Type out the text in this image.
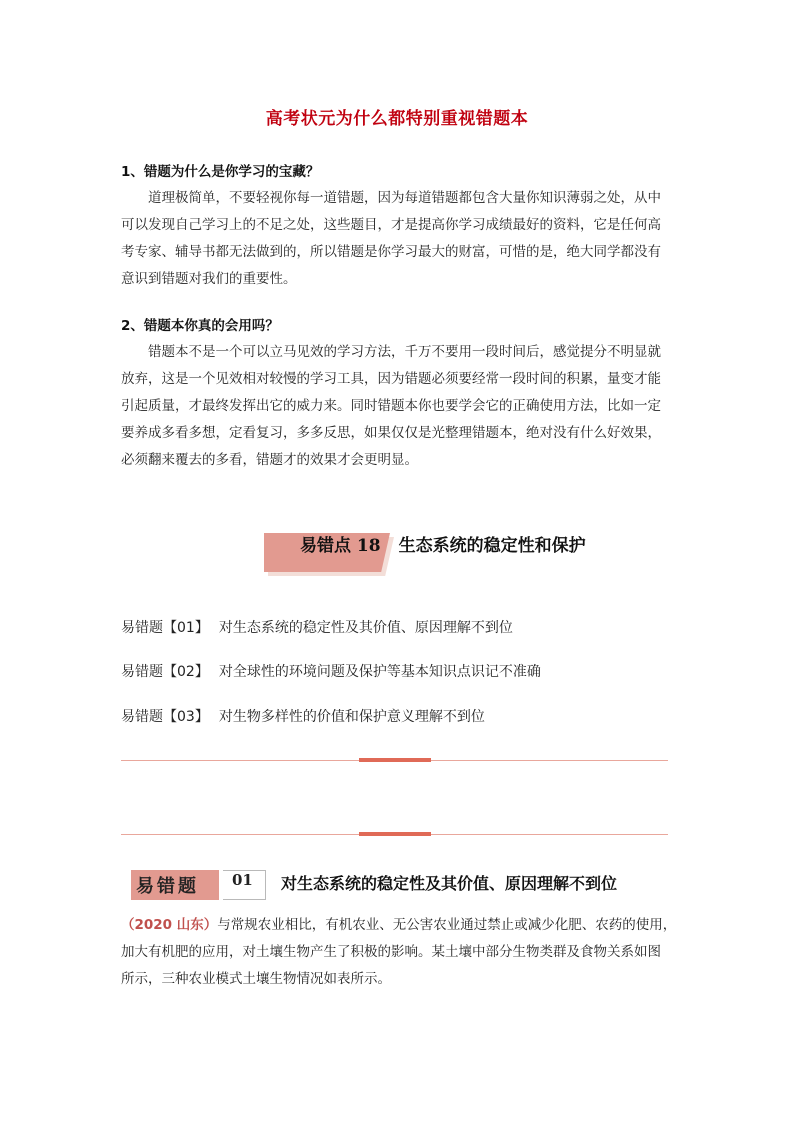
高考状元为什么都特别重视错题本
1、错题为什么是你学习的宝藏？
道理极简单，不要轻视你每一道错题，因为每道错题都包含大量你知识薄弱之处，从中
可以发现自己学习上的不足之处，这些题目，才是提高你学习成绩最好的资料，它是任何高
考专家、辅导书都无法做到的，所以错题是你学习最大的财富，可惜的是，绝大同学都没有
意识到错题对我们的重要性。
2、错题本你真的会用吗？
错题本不是一个可以立马见效的学习方法，千万不要用一段时间后，感觉提分不明显就
放弃，这是一个见效相对较慢的学习工具，因为错题必须要经常一段时间的积累，量变才能
引起质量，才最终发挥出它的威力来。同时错题本你也要学会它的正确使用方法，比如一定
要养成多看多想，定看复习，多多反思，如果仅仅是光整理错题本，绝对没有什么好效果，
必须翻来覆去的多看，错题才的效果才会更明显。
易错点 18 生态系统的稳定性和保护
易错题【01】 对生态系统的稳定性及其价值、原因理解不到位
易错题【02】 对全球性的环境问题及保护等基本知识点识记不准确
易错题【03】 对生物多样性的价值和保护意义理解不到位
易错题 01 对生态系统的稳定性及其价值、原因理解不到位
（2020 山东）与常规农业相比，有机农业、无公害农业通过禁止或减少化肥、农药的使用，
加大有机肥的应用，对土壤生物产生了积极的影响。某土壤中部分生物类群及食物关系如图
所示，三种农业模式土壤生物情况如表所示。
